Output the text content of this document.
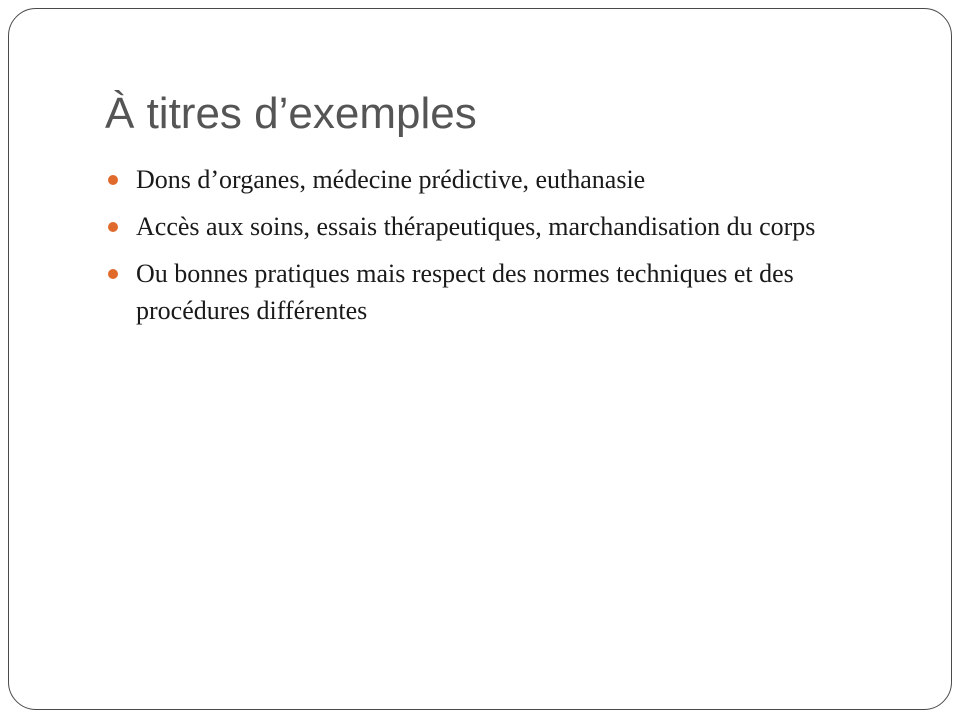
À titres d’exemples
Dons d’organes, médecine prédictive, euthanasie
Accès aux soins, essais thérapeutiques, marchandisation du corps
Ou bonnes pratiques mais respect des normes techniques et des procédures différentes
